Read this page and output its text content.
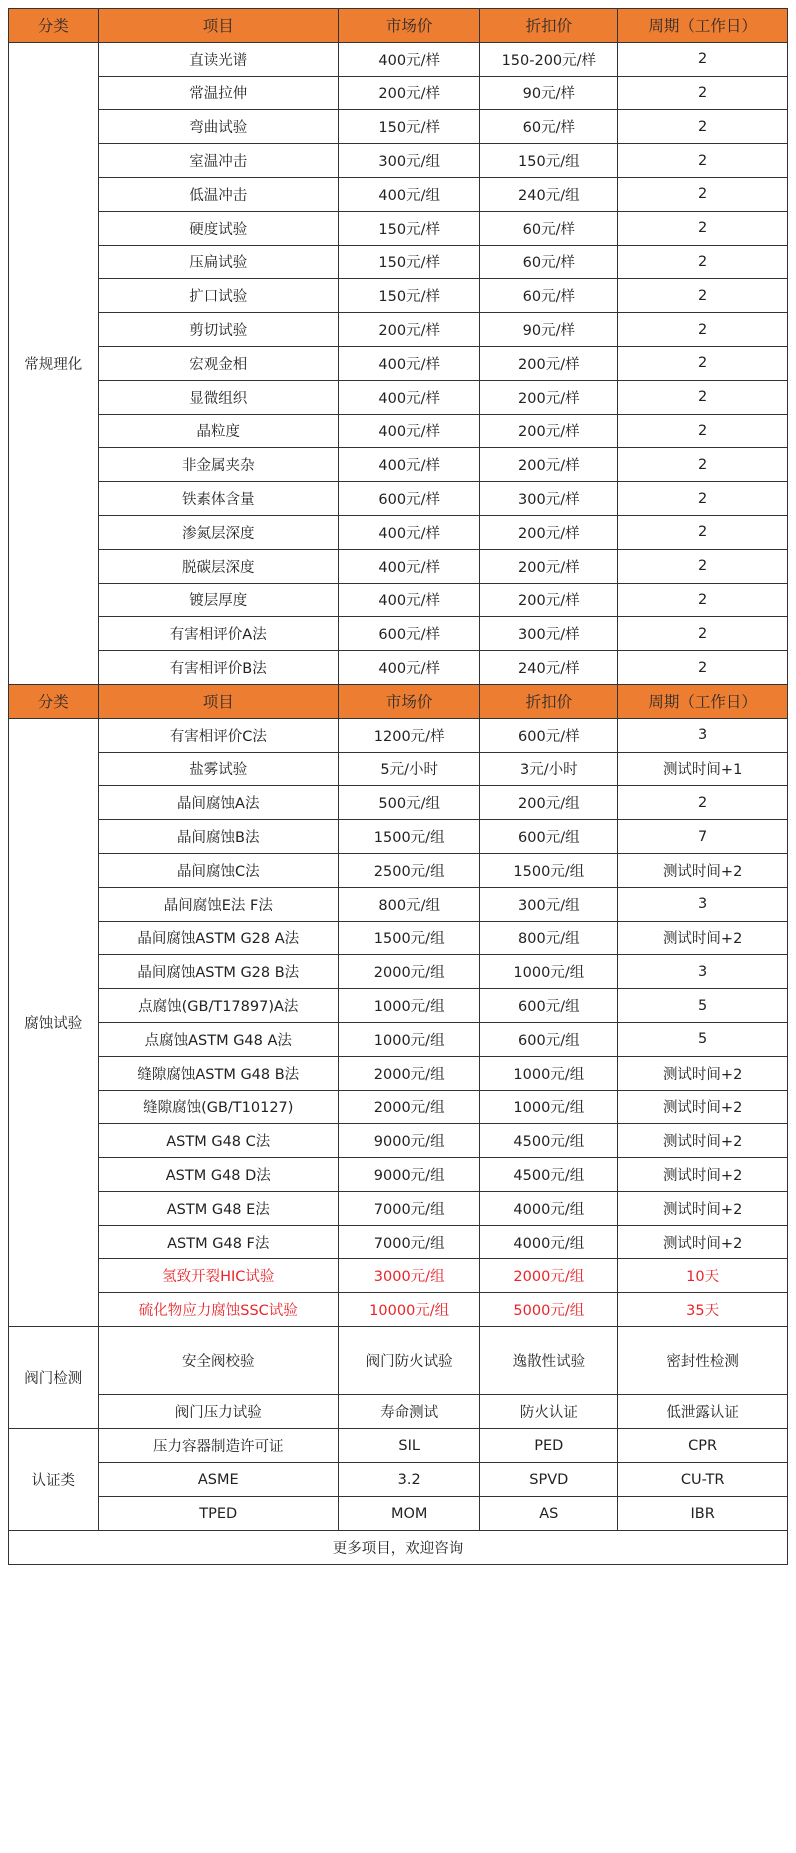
分类	项目	市场价	折扣价	周期（工作日）
常规理化	直读光谱	400元/样	150-200元/样	2
	常温拉伸	200元/样	90元/样	2
	弯曲试验	150元/样	60元/样	2
	室温冲击	300元/组	150元/组	2
	低温冲击	400元/组	240元/组	2
	硬度试验	150元/样	60元/样	2
	压扁试验	150元/样	60元/样	2
	扩口试验	150元/样	60元/样	2
	剪切试验	200元/样	90元/样	2
	宏观金相	400元/样	200元/样	2
	显微组织	400元/样	200元/样	2
	晶粒度	400元/样	200元/样	2
	非金属夹杂	400元/样	200元/样	2
	铁素体含量	600元/样	300元/样	2
	渗氮层深度	400元/样	200元/样	2
	脱碳层深度	400元/样	200元/样	2
	镀层厚度	400元/样	200元/样	2
	有害相评价A法	600元/样	300元/样	2
	有害相评价B法	400元/样	240元/样	2
分类	项目	市场价	折扣价	周期（工作日）
腐蚀试验	有害相评价C法	1200元/样	600元/样	3
	盐雾试验	5元/小时	3元/小时	测试时间+1
	晶间腐蚀A法	500元/组	200元/组	2
	晶间腐蚀B法	1500元/组	600元/组	7
	晶间腐蚀C法	2500元/组	1500元/组	测试时间+2
	晶间腐蚀E法 F法	800元/组	300元/组	3
	晶间腐蚀ASTM G28 A法	1500元/组	800元/组	测试时间+2
	晶间腐蚀ASTM G28 B法	2000元/组	1000元/组	3
	点腐蚀(GB/T17897)A法	1000元/组	600元/组	5
	点腐蚀ASTM G48 A法	1000元/组	600元/组	5
	缝隙腐蚀ASTM G48 B法	2000元/组	1000元/组	测试时间+2
	缝隙腐蚀(GB/T10127)	2000元/组	1000元/组	测试时间+2
	ASTM G48 C法	9000元/组	4500元/组	测试时间+2
	ASTM G48 D法	9000元/组	4500元/组	测试时间+2
	ASTM G48 E法	7000元/组	4000元/组	测试时间+2
	ASTM G48 F法	7000元/组	4000元/组	测试时间+2
	氢致开裂HIC试验	3000元/组	2000元/组	10天
	硫化物应力腐蚀SSC试验	10000元/组	5000元/组	35天
阀门检测	安全阀校验	阀门防火试验	逸散性试验	密封性检测
	阀门压力试验	寿命测试	防火认证	低泄露认证
认证类	压力容器制造许可证	SIL	PED	CPR
	ASME	3.2	SPVD	CU-TR
	TPED	MOM	AS	IBR
更多项目，欢迎咨询				
